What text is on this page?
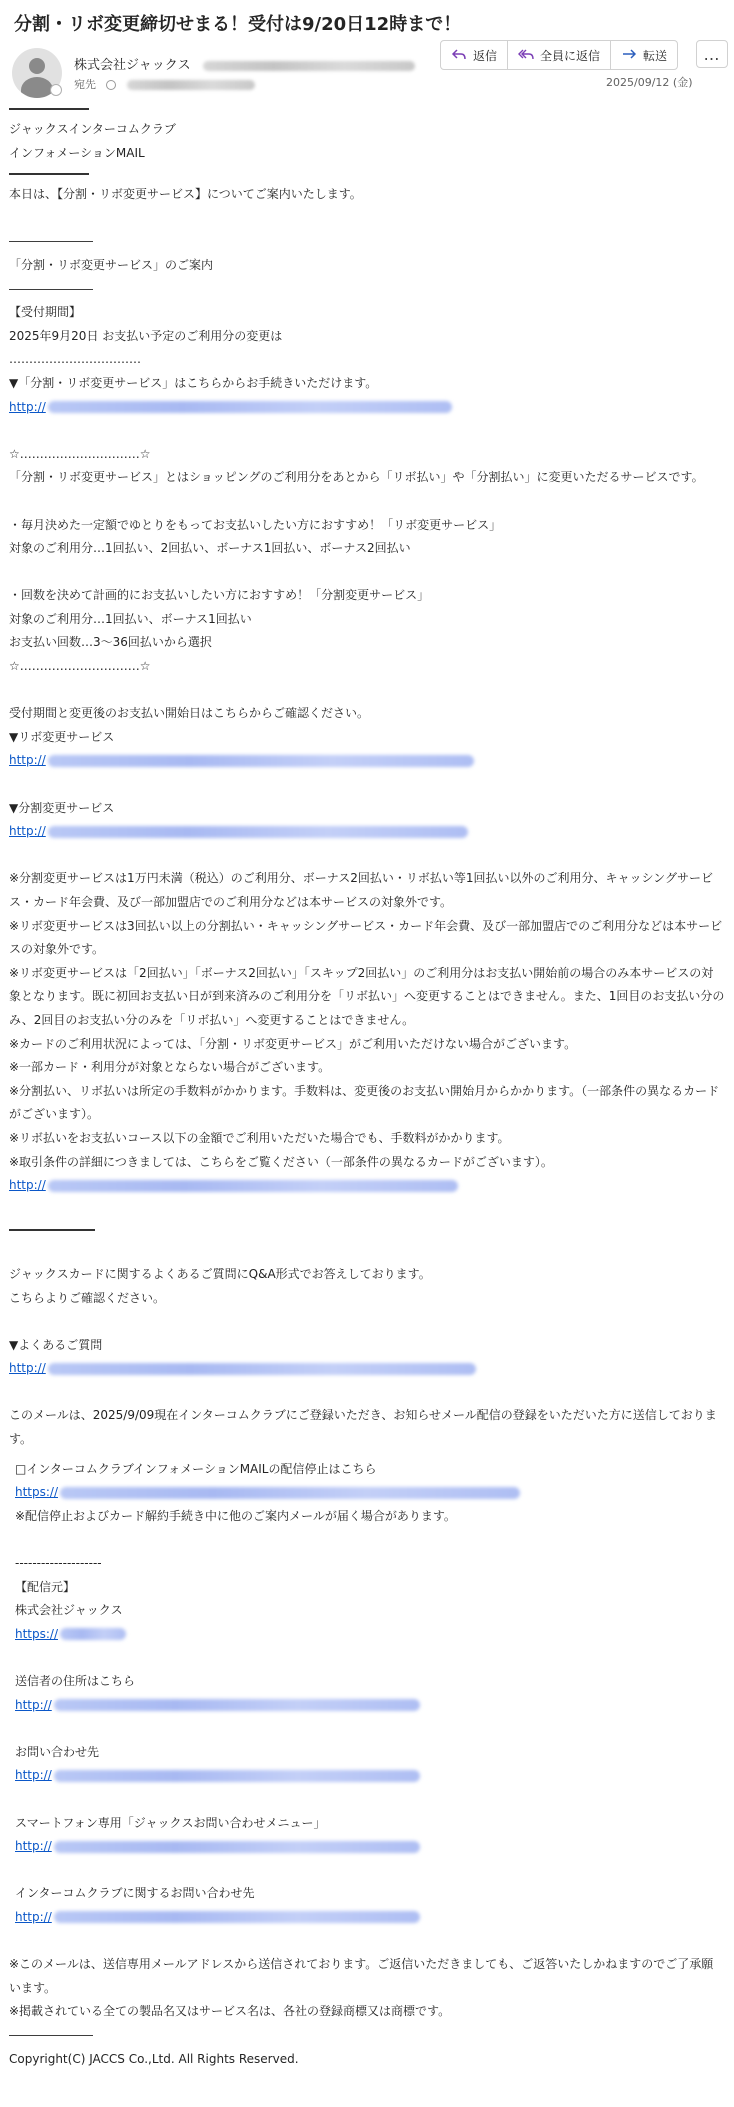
分割・リボ変更締切せまる！受付は9/20日12時まで！
株式会社ジャックス
宛先
返信	全員に返信	転送	…
2025/09/12 (金)
ジャックスインターコムクラブ
インフォメーションMAIL
本日は、【分割・リボ変更サービス】についてご案内いたします。
―――――――
「分割・リボ変更サービス」のご案内
―――――――
【受付期間】
2025年9月20日 お支払い予定のご利用分の変更は
……………………………
▼「分割・リボ変更サービス」はこちらからお手続きいただけます。
http://
☆…………………………☆
「分割・リボ変更サービス」とはショッピングのご利用分をあとから「リボ払い」や「分割払い」に変更いただるサービスです。
・毎月決めた一定額でゆとりをもってお支払いしたい方におすすめ！「リボ変更サービス」
対象のご利用分…1回払い、2回払い、ボーナス1回払い、ボーナス2回払い
・回数を決めて計画的にお支払いしたい方におすすめ！「分割変更サービス」
対象のご利用分…1回払い、ボーナス1回払い
お支払い回数…3～36回払いから選択
☆…………………………☆
受付期間と変更後のお支払い開始日はこちらからご確認ください。
▼リボ変更サービス
http://
▼分割変更サービス
http://
※分割変更サービスは1万円未満（税込）のご利用分、ボーナス2回払い・リボ払い等1回払い以外のご利用分、キャッシングサービス・カード年会費、及び一部加盟店でのご利用分などは本サービスの対象外です。
※リボ変更サービスは3回払い以上の分割払い・キャッシングサービス・カード年会費、及び一部加盟店でのご利用分などは本サービスの対象外です。
※リボ変更サービスは「2回払い」「ボーナス2回払い」「スキップ2回払い」のご利用分はお支払い開始前の場合のみ本サービスの対象となります。既に初回お支払い日が到来済みのご利用分を「リボ払い」へ変更することはできません。また、1回目のお支払い分のみ、2回目のお支払い分のみを「リボ払い」へ変更することはできません。
※カードのご利用状況によっては、「分割・リボ変更サービス」がご利用いただけない場合がございます。
※一部カード・利用分が対象とならない場合がございます。
※分割払い、リボ払いは所定の手数料がかかります。手数料は、変更後のお支払い開始月からかかります。（一部条件の異なるカードがございます）。
※リボ払いをお支払いコース以下の金額でご利用いただいた場合でも、手数料がかかります。
※取引条件の詳細につきましては、こちらをご覧ください（一部条件の異なるカードがございます）。
http://
ジャックスカードに関するよくあるご質問にQ&A形式でお答えしております。
こちらよりご確認ください。
▼よくあるご質問
http://
このメールは、2025/9/09現在インターコムクラブにご登録いただき、お知らせメール配信の登録をいただいた方に送信しております。
□インターコムクラブインフォメーションMAILの配信停止はこちら
https://
※配信停止およびカード解約手続き中に他のご案内メールが届く場合があります。
--------------------
【配信元】
株式会社ジャックス
https://
送信者の住所はこちら
http://
お問い合わせ先
http://
スマートフォン専用「ジャックスお問い合わせメニュー」
http://
インターコムクラブに関するお問い合わせ先
http://
※このメールは、送信専用メールアドレスから送信されております。ご返信いただきましても、ご返答いたしかねますのでご了承願います。
※掲載されている全ての製品名又はサービス名は、各社の登録商標又は商標です。
―――――――
Copyright(C) JACCS Co.,Ltd. All Rights Reserved.
